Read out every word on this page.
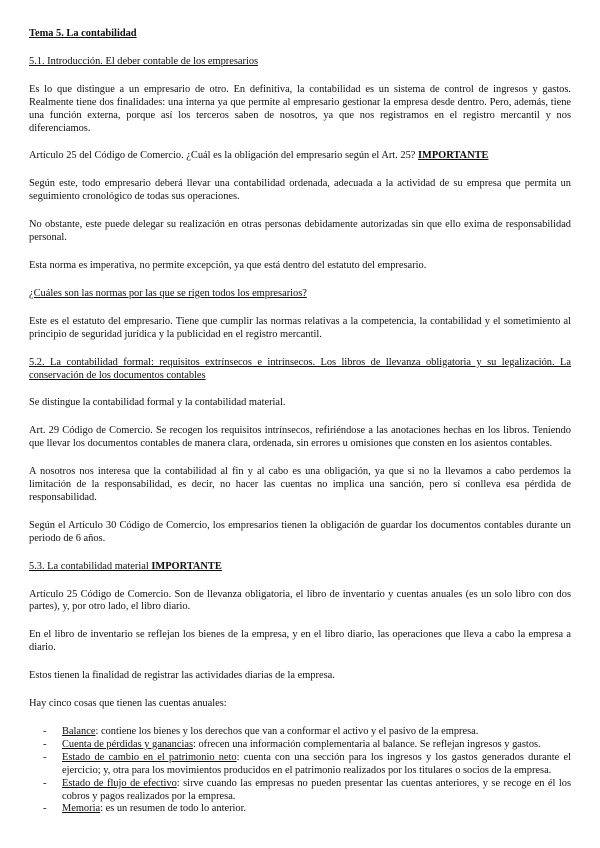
Tema 5. La contabilidad

5.1. Introducción. El deber contable de los empresarios

Es lo que distingue a un empresario de otro. En definitiva, la contabilidad es un sistema de control de ingresos y gastos. Realmente tiene dos finalidades: una interna ya que permite al empresario gestionar la empresa desde dentro. Pero, además, tiene una función externa, porque así los terceros saben de nosotros, ya que nos registramos en el registro mercantil y nos diferenciamos.

Artículo 25 del Código de Comercio. ¿Cuál es la obligación del empresario según el Art. 25? IMPORTANTE

Según este, todo empresario deberá llevar una contabilidad ordenada, adecuada a la actividad de su empresa que permita un seguimiento cronológico de todas sus operaciones.

No obstante, este puede delegar su realización en otras personas debidamente autorizadas sin que ello exima de responsabilidad personal.

Esta norma es imperativa, no permite excepción, ya que está dentro del estatuto del empresario.

¿Cuáles son las normas por las que se rigen todos los empresarios?

Este es el estatuto del empresario. Tiene que cumplir las normas relativas a la competencia, la contabilidad y el sometimiento al principio de seguridad jurídica y la publicidad en el registro mercantil.

5.2. La contabilidad formal: requisitos extrínsecos e intrínsecos. Los libros de llevanza obligatoria y su legalización. La conservación de los documentos contables

Se distingue la contabilidad formal y la contabilidad material.

Art. 29 Código de Comercio. Se recogen los requisitos intrínsecos, refiriéndose a las anotaciones hechas en los libros. Teniendo que llevar los documentos contables de manera clara, ordenada, sin errores u omisiones que consten en los asientos contables.

A nosotros nos interesa que la contabilidad al fin y al cabo es una obligación, ya que si no la llevamos a cabo perdemos la limitación de la responsabilidad, es decir, no hacer las cuentas no implica una sanción, pero sí conlleva esa pérdida de responsabilidad.

Según el Artículo 30 Código de Comercio, los empresarios tienen la obligación de guardar los documentos contables durante un periodo de 6 años.

5.3. La contabilidad material IMPORTANTE

Artículo 25 Código de Comercio. Son de llevanza obligatoria, el libro de inventario y cuentas anuales (es un solo libro con dos partes), y, por otro lado, el libro diario.

En el libro de inventario se reflejan los bienes de la empresa, y en el libro diario, las operaciones que lleva a cabo la empresa a diario.

Estos tienen la finalidad de registrar las actividades diarias de la empresa.

Hay cinco cosas que tienen las cuentas anuales:

- Balance: contiene los bienes y los derechos que van a conformar el activo y el pasivo de la empresa.
- Cuenta de pérdidas y ganancias: ofrecen una información complementaria al balance. Se reflejan ingresos y gastos.
- Estado de cambio en el patrimonio neto: cuenta con una sección para los ingresos y los gastos generados durante el ejercicio; y, otra para los movimientos producidos en el patrimonio realizados por los titulares o socios de la empresa.
- Estado de flujo de efectivo: sirve cuando las empresas no pueden presentar las cuentas anteriores, y se recoge en él los cobros y pagos realizados por la empresa.
- Memoria: es un resumen de todo lo anterior.
